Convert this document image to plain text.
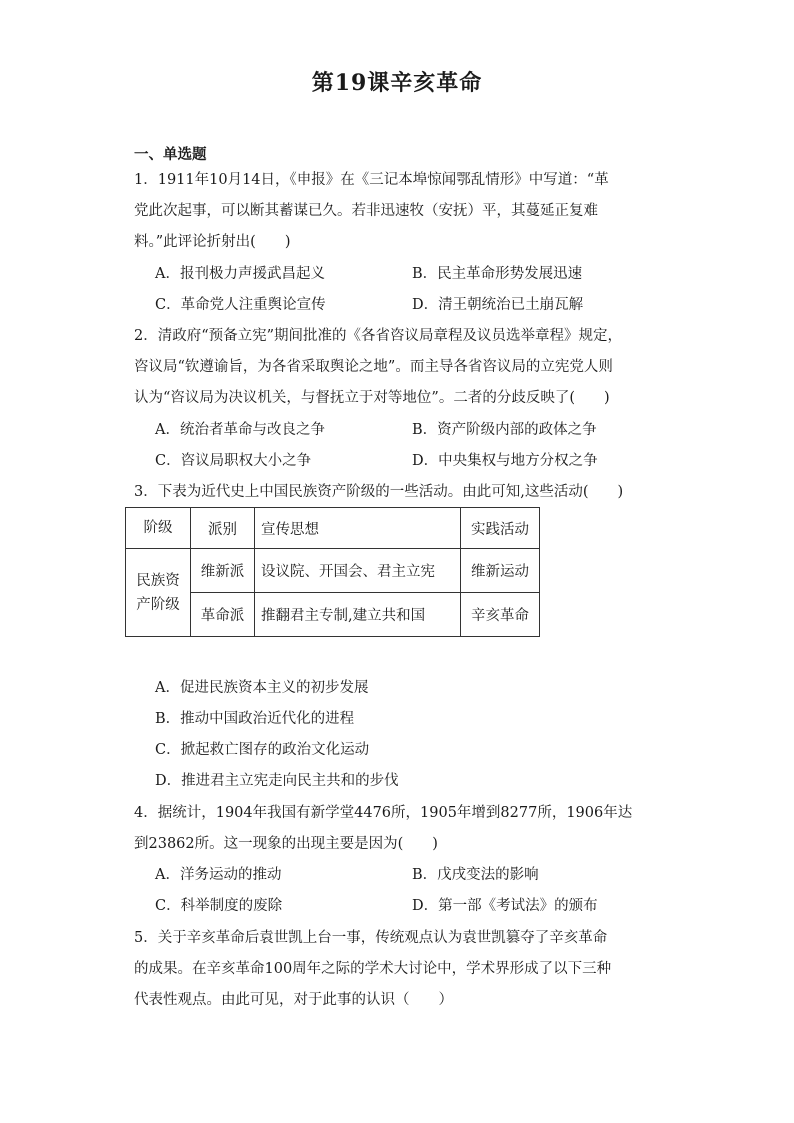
第19课辛亥革命
一、单选题
1．1911年10月14日，《申报》在《三记本埠惊闻鄂乱情形》中写道：“革
党此次起事，可以断其蓄谋已久。若非迅速牧（安抚）平，其蔓延正复难
料。”此评论折射出(　　)
A．报刊极力声援武昌起义	B．民主革命形势发展迅速
C．革命党人注重舆论宣传	D．清王朝统治已土崩瓦解
2．清政府“预备立宪”期间批准的《各省咨议局章程及议员选举章程》规定，
咨议局“钦遵谕旨，为各省采取舆论之地”。而主导各省咨议局的立宪党人则
认为“咨议局为决议机关，与督抚立于对等地位”。二者的分歧反映了(　　)
A．统治者革命与改良之争	B．资产阶级内部的政体之争
C．咨议局职权大小之争	D．中央集权与地方分权之争
3．下表为近代史上中国民族资产阶级的一些活动。由此可知,这些活动(　　)
阶级	派别	宣传思想	实践活动
民族资产阶级	维新派	设议院、开国会、君主立宪	维新运动
	革命派	推翻君主专制,建立共和国	辛亥革命
A．促进民族资本主义的初步发展
B．推动中国政治近代化的进程
C．掀起救亡图存的政治文化运动
D．推进君主立宪走向民主共和的步伐
4．据统计，1904年我国有新学堂4476所，1905年增到8277所，1906年达
到23862所。这一现象的出现主要是因为(　　)
A．洋务运动的推动	B．戊戌变法的影响
C．科举制度的废除	D．第一部《考试法》的颁布
5．关于辛亥革命后袁世凯上台一事，传统观点认为袁世凯篡夺了辛亥革命
的成果。在辛亥革命100周年之际的学术大讨论中，学术界形成了以下三种
代表性观点。由此可见，对于此事的认识（　　）
